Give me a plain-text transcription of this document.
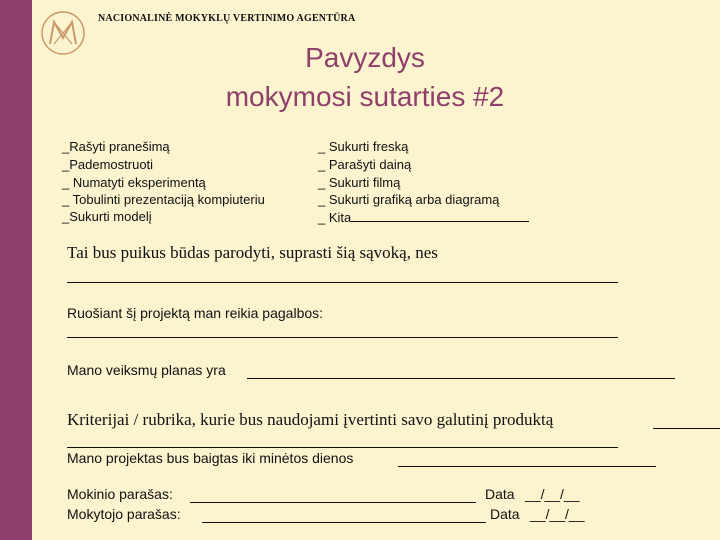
NACIONALINĖ MOKYKLŲ VERTINIMO AGENTŪRA
Pavyzdys
mokymosi sutarties #2
_Rašyti pranešimą
_Pademostruoti
_ Numatyti eksperimentą
_ Tobulinti prezentaciją kompiuteriu
_Sukurti modelį
_ Sukurti freską
_ Parašyti dainą
_ Sukurti filmą
_ Sukurti grafiką arba diagramą
_ Kita
Tai bus puikus būdas parodyti, suprasti šią sąvoką, nes
Ruošiant šį projektą man reikia pagalbos:
Mano veiksmų planas yra
Kriterijai / rubrika, kurie bus naudojami įvertinti savo galutinį produktą
Mano projektas bus baigtas iki minėtos dienos
Mokinio parašas:	Data __/__/__
Mokytojo parašas:	Data __/__/__
